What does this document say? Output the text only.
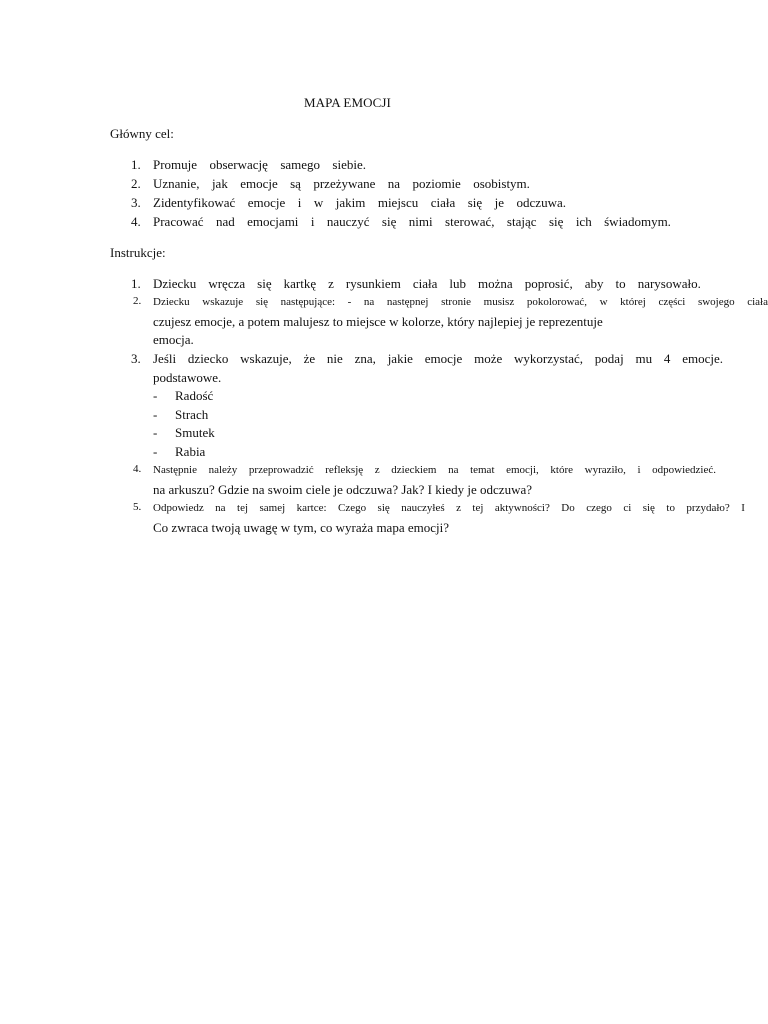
MAPA EMOCJI
Główny cel:
1. Promuje obserwację samego siebie.
2. Uznanie, jak emocje są przeżywane na poziomie osobistym.
3. Zidentyfikować emocje i w jakim miejscu ciała się je odczuwa.
4. Pracować nad emocjami i nauczyć się nimi sterować, stając się ich świadomym.
Instrukcje:
1. Dziecku wręcza się kartkę z rysunkiem ciała lub można poprosić, aby to narysowało.
2. Dziecku wskazuje się następujące: - na następnej stronie musisz pokolorować, w której części swojego ciała
czujesz emocje, a potem malujesz to miejsce w kolorze, który najlepiej je reprezentuje
emocja.
3. Jeśli dziecko wskazuje, że nie zna, jakie emocje może wykorzystać, podaj mu 4 emocje.
podstawowe.
- Radość
- Strach
- Smutek
- Rabia
4. Następnie należy przeprowadzić refleksję z dzieckiem na temat emocji, które wyraziło, i odpowiedzieć.
na arkuszu? Gdzie na swoim ciele je odczuwa? Jak? I kiedy je odczuwa?
5. Odpowiedz na tej samej kartce: Czego się nauczyłeś z tej aktywności? Do czego ci się to przydało? I
Co zwraca twoją uwagę w tym, co wyraża mapa emocji?
